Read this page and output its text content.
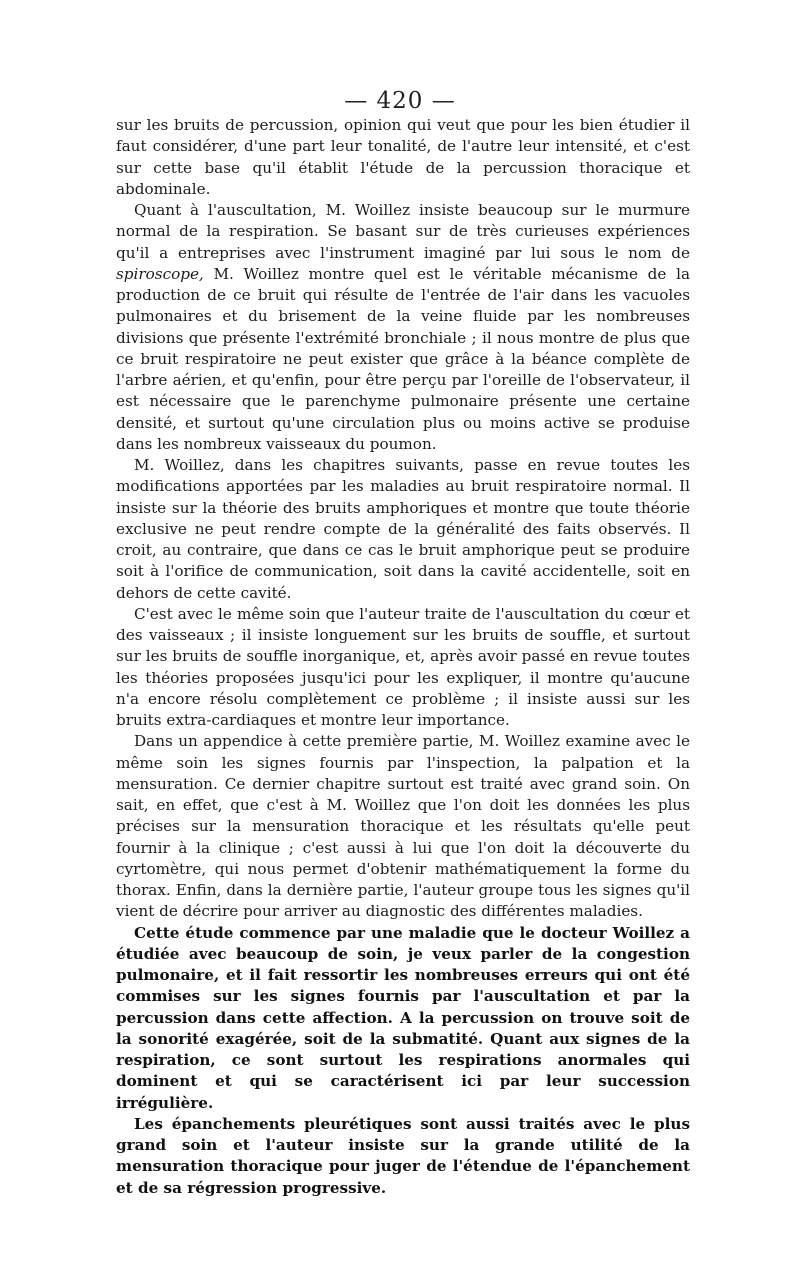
— 420 —

sur les bruits de percussion, opinion qui veut que pour les bien étudier il faut considérer, d'une part leur tonalité, de l'autre leur intensité, et c'est sur cette base qu'il établit l'étude de la percussion thoracique et abdominale.

Quant à l'auscultation, M. Woillez insiste beaucoup sur le murmure normal de la respiration. Se basant sur de très curieuses expériences qu'il a entreprises avec l'instrument imaginé par lui sous le nom de spiroscope, M. Woillez montre quel est le véritable mécanisme de la production de ce bruit qui résulte de l'entrée de l'air dans les vacuoles pulmonaires et du brisement de la veine fluide par les nombreuses divisions que présente l'extrémité bronchiale ; il nous montre de plus que ce bruit respiratoire ne peut exister que grâce à la béance complète de l'arbre aérien, et qu'enfin, pour être perçu par l'oreille de l'observateur, il est nécessaire que le parenchyme pulmonaire présente une certaine densité, et surtout qu'une circulation plus ou moins active se produise dans les nombreux vaisseaux du poumon.

M. Woillez, dans les chapitres suivants, passe en revue toutes les modifications apportées par les maladies au bruit respiratoire normal. Il insiste sur la théorie des bruits amphoriques et montre que toute théorie exclusive ne peut rendre compte de la généralité des faits observés. Il croit, au contraire, que dans ce cas le bruit amphorique peut se produire soit à l'orifice de communication, soit dans la cavité accidentelle, soit en dehors de cette cavité.

C'est avec le même soin que l'auteur traite de l'auscultation du cœur et des vaisseaux ; il insiste longuement sur les bruits de souffle, et surtout sur les bruits de souffle inorganique, et, après avoir passé en revue toutes les théories proposées jusqu'ici pour les expliquer, il montre qu'aucune n'a encore résolu complètement ce problème ; il insiste aussi sur les bruits extra-cardiaques et montre leur importance.

Dans un appendice à cette première partie, M. Woillez examine avec le même soin les signes fournis par l'inspection, la palpation et la mensuration. Ce dernier chapitre surtout est traité avec grand soin. On sait, en effet, que c'est à M. Woillez que l'on doit les données les plus précises sur la mensuration thoracique et les résultats qu'elle peut fournir à la clinique ; c'est aussi à lui que l'on doit la découverte du cyrtomètre, qui nous permet d'obtenir mathématiquement la forme du thorax. Enfin, dans la dernière partie, l'auteur groupe tous les signes qu'il vient de décrire pour arriver au diagnostic des différentes maladies.

Cette étude commence par une maladie que le docteur Woillez a étudiée avec beaucoup de soin, je veux parler de la congestion pulmonaire, et il fait ressortir les nombreuses erreurs qui ont été commises sur les signes fournis par l'auscultation et par la percussion dans cette affection. A la percussion on trouve soit de la sonorité exagérée, soit de la submatité. Quant aux signes de la respiration, ce sont surtout les respirations anormales qui dominent et qui se caractérisent ici par leur succession irrégulière.

Les épanchements pleurétiques sont aussi traités avec le plus grand soin et l'auteur insiste sur la grande utilité de la mensuration thoracique pour juger de l'étendue de l'épanchement et de sa régression progressive.
